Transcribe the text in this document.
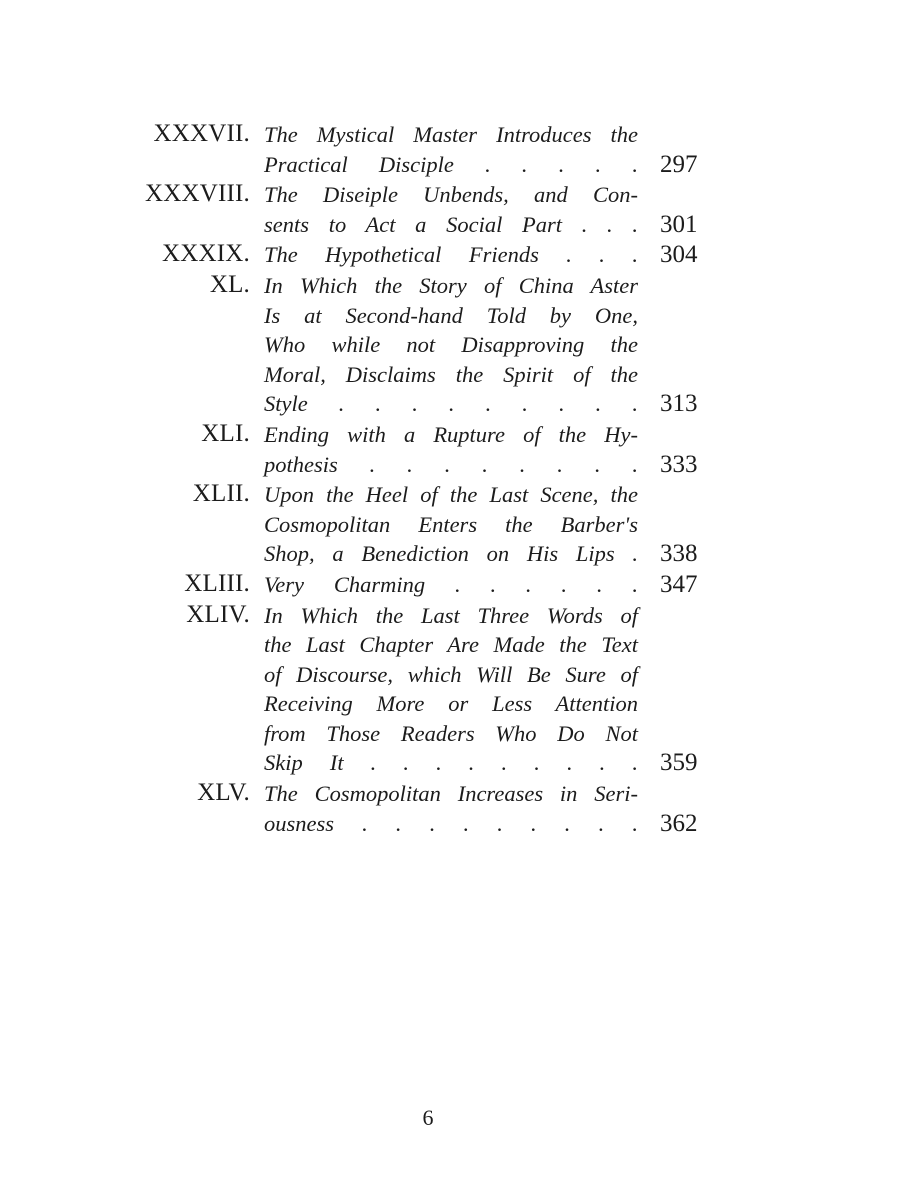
XXXVII. The Mystical Master Introduces the
Practical Disciple . . . . . 297
XXXVIII. The Diseiple Unbends, and Con-
sents to Act a Social Part . . . 301
XXXIX. The Hypothetical Friends . . . 304
XL. In Which the Story of China Aster
Is at Second-hand Told by One,
Who while not Disapproving the
Moral, Disclaims the Spirit of the
Style . . . . . . . . . 313
XLI. Ending with a Rupture of the Hy-
pothesis . . . . . . . . 333
XLII. Upon the Heel of the Last Scene, the
Cosmopolitan Enters the Barber's
Shop, a Benediction on His Lips . 338
XLIII. Very Charming . . . . . . 347
XLIV. In Which the Last Three Words of
the Last Chapter Are Made the Text
of Discourse, which Will Be Sure of
Receiving More or Less Attention
from Those Readers Who Do Not
Skip It . . . . . . . . . 359
XLV. The Cosmopolitan Increases in Seri-
ousness . . . . . . . . . 362
6
